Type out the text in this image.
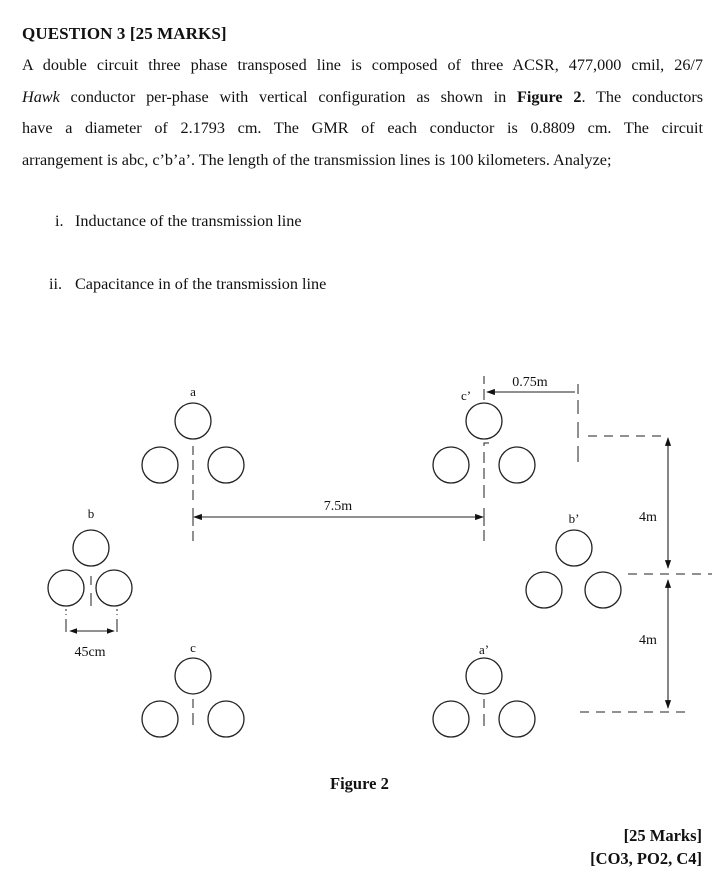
QUESTION 3 [25 MARKS]
A double circuit three phase transposed line is composed of three ACSR, 477,000 cmil, 26/7
Hawk conductor per-phase with vertical configuration as shown in Figure 2. The conductors
have a diameter of 2.1793 cm. The GMR of each conductor is 0.8809 cm. The circuit
arrangement is abc, c’b’a’. The length of the transmission lines is 100 kilometers. Analyze;
i. Inductance of the transmission line
ii. Capacitance in of the transmission line
a
b
c
c’
b’
a’
7.5m
0.75m
4m
4m
45cm
Figure 2
[25 Marks]
[CO3, PO2, C4]
